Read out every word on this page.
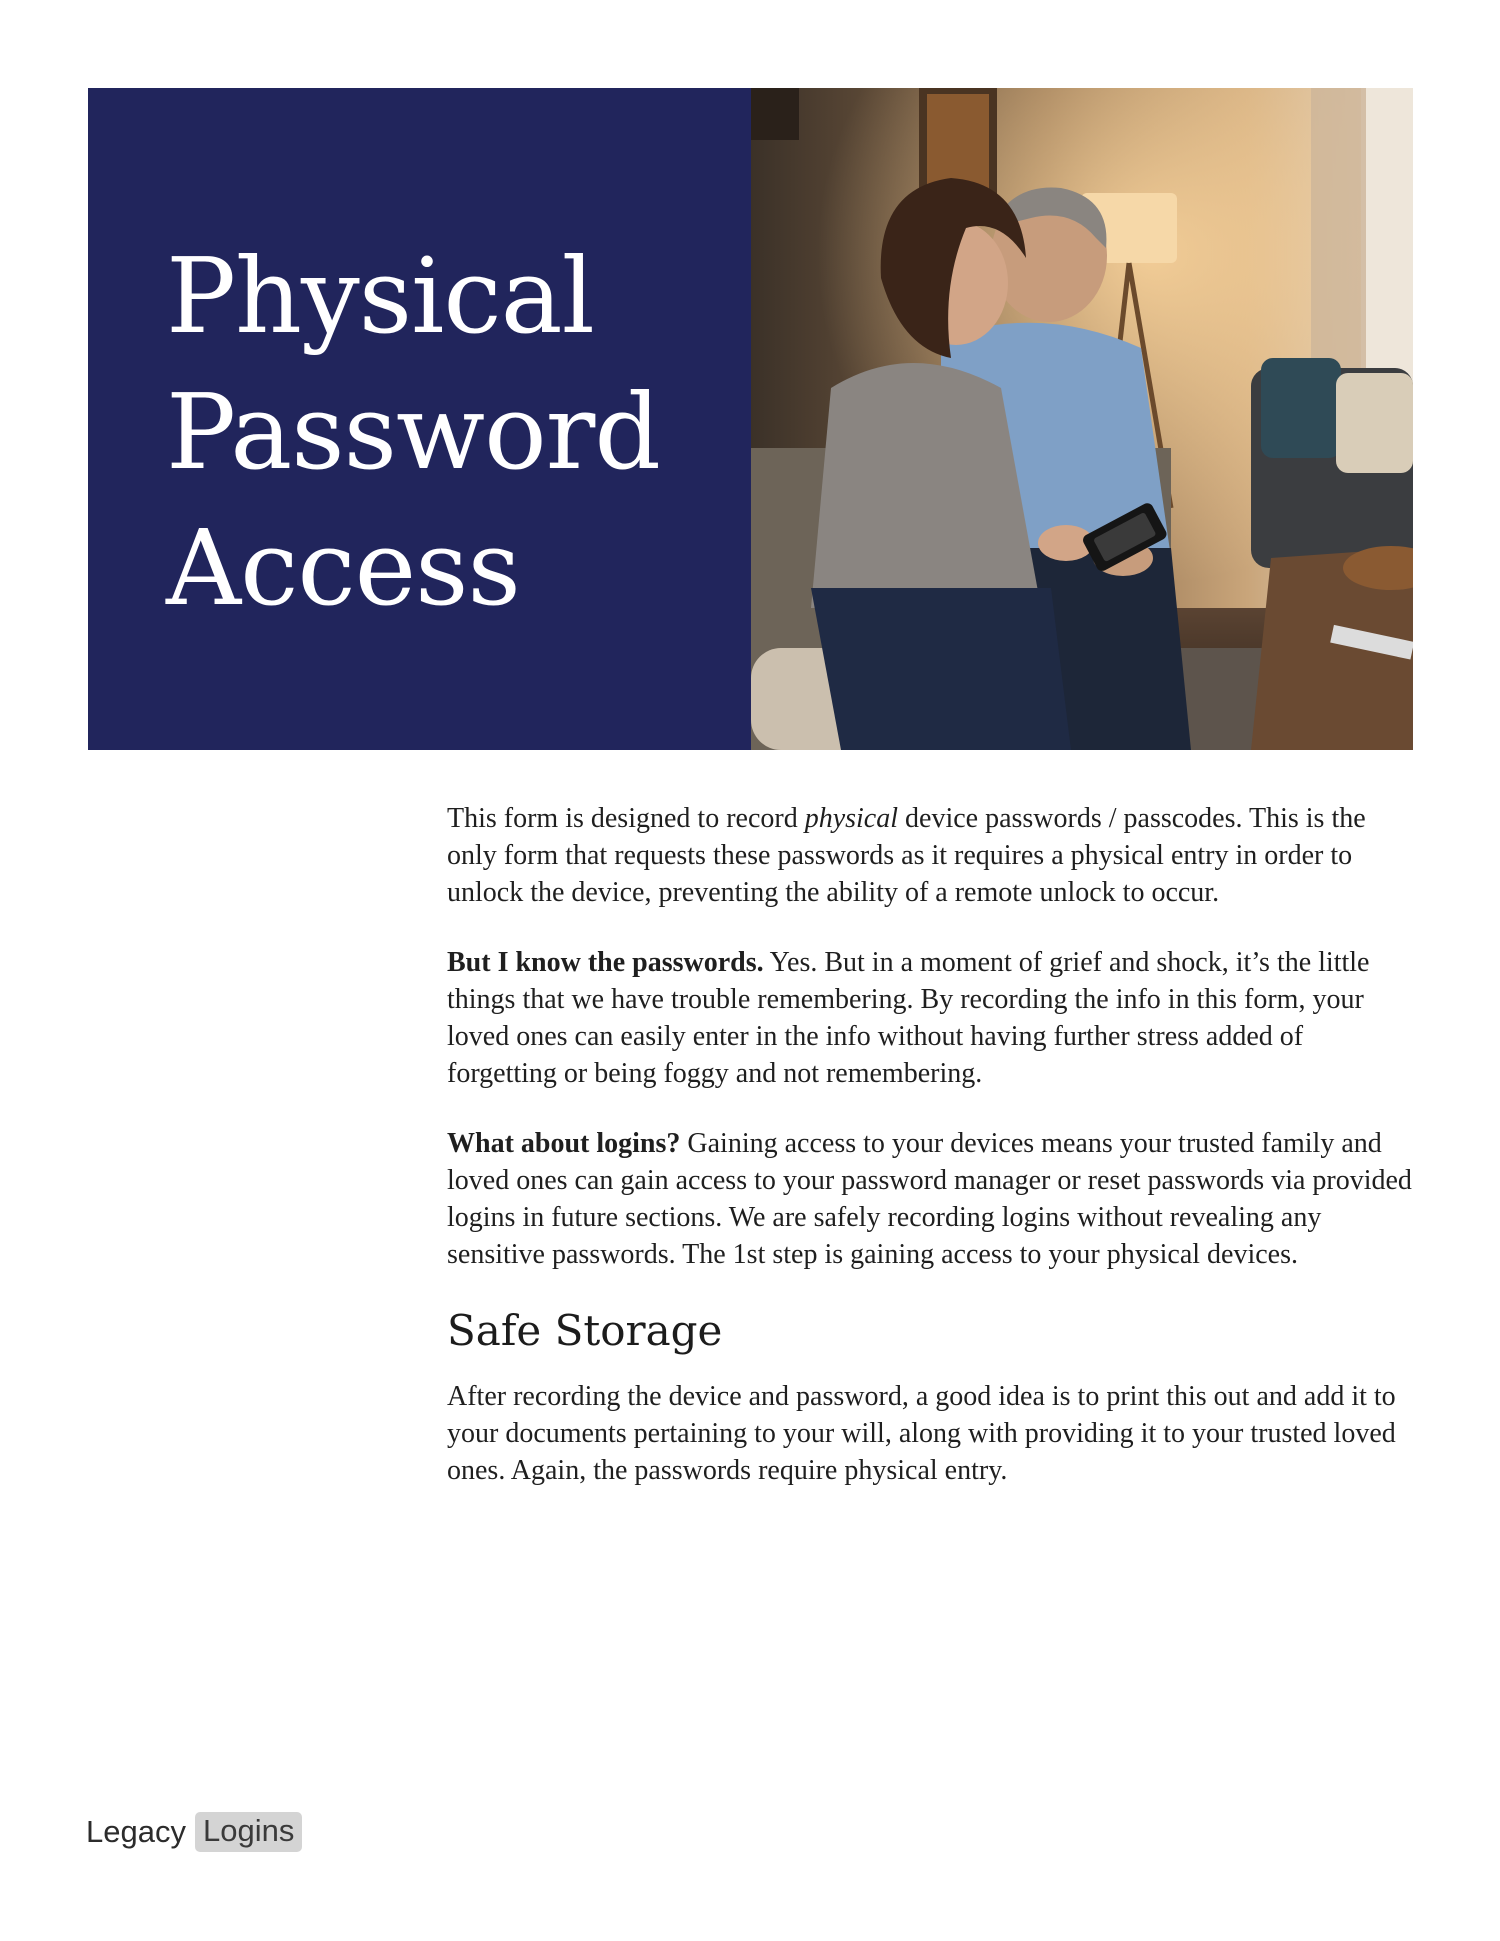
Physical
Password
Access

This form is designed to record physical device passwords / passcodes. This is the only form that requests these passwords as it requires a physical entry in order to unlock the device, preventing the ability of a remote unlock to occur.

But I know the passwords. Yes. But in a moment of grief and shock, it’s the little things that we have trouble remembering. By recording the info in this form, your loved ones can easily enter in the info without having further stress added of forgetting or being foggy and not remembering.

What about logins? Gaining access to your devices means your trusted family and loved ones can gain access to your password manager or reset passwords via provided logins in future sections. We are safely recording logins without revealing any sensitive passwords. The 1st step is gaining access to your physical devices.

Safe Storage

After recording the device and password, a good idea is to print this out and add it to your documents pertaining to your will, along with providing it to your trusted loved ones. Again, the passwords require physical entry.

Legacy Logins
